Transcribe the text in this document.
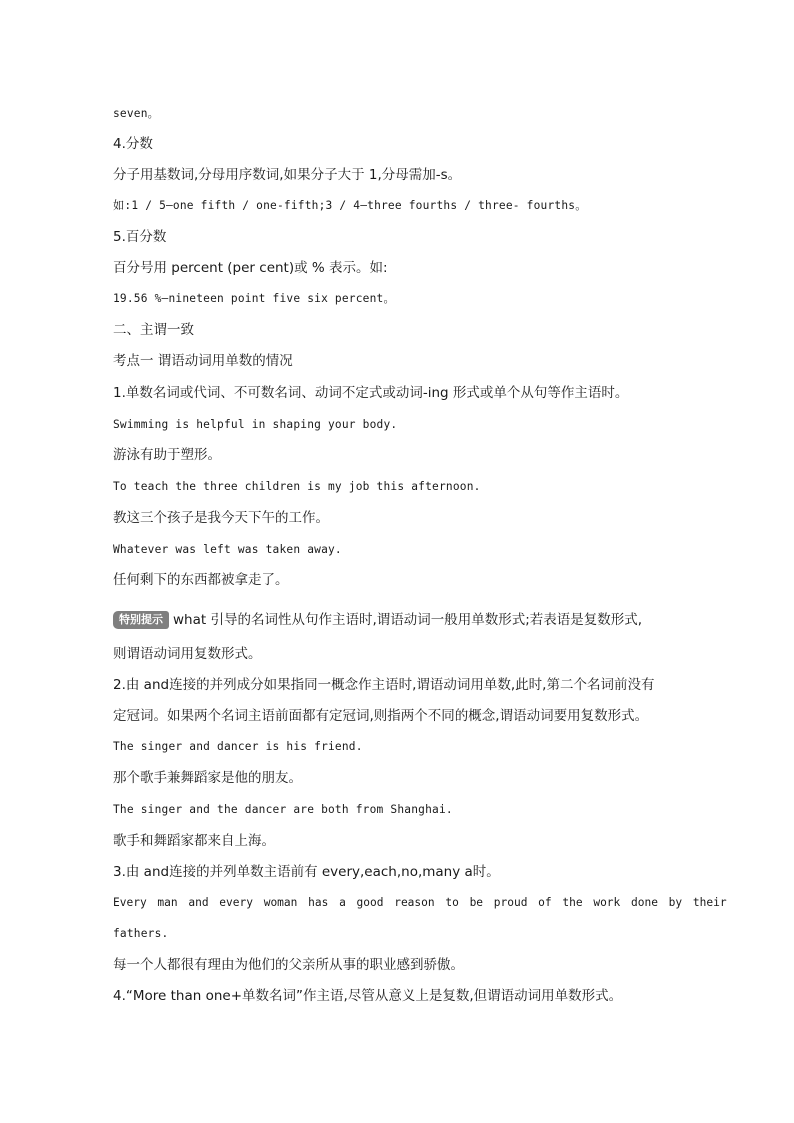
seven。
4.分数
分子用基数词,分母用序数词,如果分子大于 1,分母需加-s。
如:1 / 5—one fifth / one-fifth;3 / 4—three fourths / three- fourths。
5.百分数
百分号用 percent (per cent)或 % 表示。如:
19.56 %—nineteen point five six percent。
二、主谓一致
考点一 谓语动词用单数的情况
1.单数名词或代词、不可数名词、动词不定式或动词-ing 形式或单个从句等作主语时。
Swimming is helpful in shaping your body.
游泳有助于塑形。
To teach the three children is my job this afternoon.
教这三个孩子是我今天下午的工作。
Whatever was left was taken away.
任何剩下的东西都被拿走了。
特别提示 what 引导的名词性从句作主语时,谓语动词一般用单数形式;若表语是复数形式,
则谓语动词用复数形式。
2.由 and连接的并列成分如果指同一概念作主语时,谓语动词用单数,此时,第二个名词前没有
定冠词。如果两个名词主语前面都有定冠词,则指两个不同的概念,谓语动词要用复数形式。
The singer and dancer is his friend.
那个歌手兼舞蹈家是他的朋友。
The singer and the dancer are both from Shanghai.
歌手和舞蹈家都来自上海。
3.由 and连接的并列单数主语前有 every,each,no,many a时。
Every man and every woman has a good reason to be proud of the work done by their
fathers.
每一个人都很有理由为他们的父亲所从事的职业感到骄傲。
4.“More than one+单数名词”作主语,尽管从意义上是复数,但谓语动词用单数形式。
